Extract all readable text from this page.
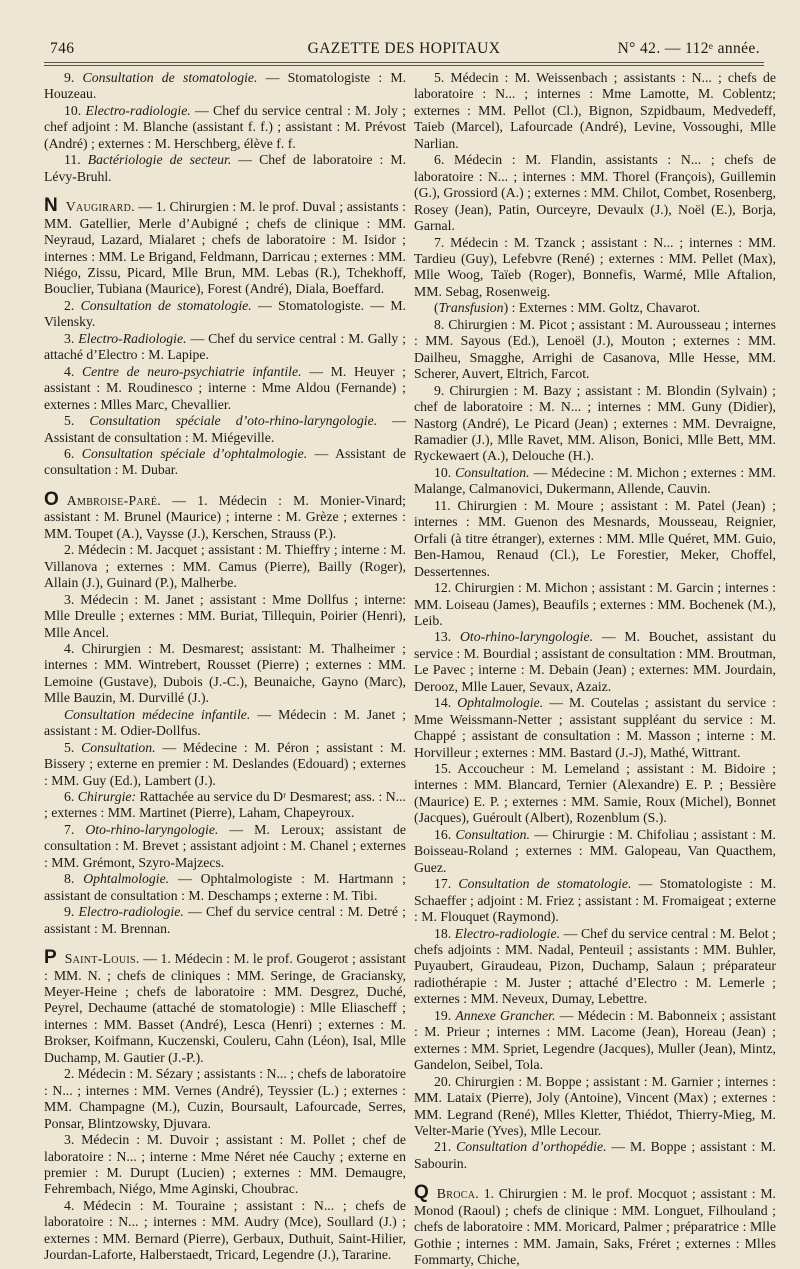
746	GAZETTE DES HOPITAUX	N° 42. — 112ᵉ année.

9. Consultation de stomatologie. — Stomatologiste : M. Houzeau.

10. Electro-radiologie. — Chef du service central : M. Joly ; chef adjoint : M. Blanche (assistant f. f.) ; assistant : M. Prévost (André) ; externes : M. Herschberg, élève f. f.

11. Bactériologie de secteur. — Chef de laboratoire : M. Lévy-Bruhl.

N Vaugirard. — 1. Chirurgien : M. le prof. Duval ; assistants : MM. Gatellier, Merle d’Aubigné ; chefs de clinique : MM. Neyraud, Lazard, Mialaret ; chefs de laboratoire : M. Isidor ; internes : MM. Le Brigand, Feldmann, Darricau ; externes : MM. Niégo, Zissu, Picard, Mlle Brun, MM. Lebas (R.), Tchekhoff, Bouclier, Tubiana (Maurice), Forest (André), Diala, Boeffard.

2. Consultation de stomatologie. — Stomatologiste. — M. Vilensky.

3. Electro-Radiologie. — Chef du service central : M. Gally ; attaché d’Electro : M. Lapipe.

4. Centre de neuro-psychiatrie infantile. — M. Heuyer ; assistant : M. Roudinesco ; interne : Mme Aldou (Fernande) ; externes : Mlles Marc, Chevallier.

5. Consultation spéciale d’oto-rhino-laryngologie. — Assistant de consultation : M. Miégeville.

6. Consultation spéciale d’ophtalmologie. — Assistant de consultation : M. Dubar.

O Ambroise-Paré. — 1. Médecin : M. Monier-Vinard; assistant : M. Brunel (Maurice) ; interne : M. Grèze ; externes : MM. Toupet (A.), Vaysse (J.), Kerschen, Strauss (P.).

2. Médecin : M. Jacquet ; assistant : M. Thieffry ; interne : M. Villanova ; externes : MM. Camus (Pierre), Bailly (Roger), Allain (J.), Guinard (P.), Malherbe.

3. Médecin : M. Janet ; assistant : Mme Dollfus ; interne: Mlle Dreulle ; externes : MM. Buriat, Tillequin, Poirier (Henri), Mlle Ancel.

4. Chirurgien : M. Desmarest; assistant: M. Thalheimer ; internes : MM. Wintrebert, Rousset (Pierre) ; externes : MM. Lemoine (Gustave), Dubois (J.-C.), Beunaiche, Gayno (Marc), Mlle Bauzin, M. Durvillé (J.).

Consultation médecine infantile. — Médecin : M. Janet ; assistant : M. Odier-Dollfus.

5. Consultation. — Médecine : M. Péron ; assistant : M. Bissery ; externe en premier : M. Deslandes (Edouard) ; externes : MM. Guy (Ed.), Lambert (J.).

6. Chirurgie: Rattachée au service du Dʳ Desmarest; ass. : N... ; externes : MM. Martinet (Pierre), Laham, Chapeyroux.

7. Oto-rhino-laryngologie. — M. Leroux; assistant de consultation : M. Brevet ; assistant adjoint : M. Chanel ; externes : MM. Grémont, Szyro-Majzecs.

8. Ophtalmologie. — Ophtalmologiste : M. Hartmann ; assistant de consultation : M. Deschamps ; externe : M. Tibi.

9. Electro-radiologie. — Chef du service central : M. Detré ; assistant : M. Brennan.

P Saint-Louis. — 1. Médecin : M. le prof. Gougerot ; assistant : MM. N. ; chefs de cliniques : MM. Seringe, de Graciansky, Meyer-Heine ; chefs de laboratoire : MM. Desgrez, Duché, Peyrel, Dechaume (attaché de stomatologie) : Mlle Eliascheff ; internes : MM. Basset (André), Lesca (Henri) ; externes : M. Brokser, Koifmann, Kuczenski, Couleru, Cahn (Léon), Isal, Mlle Duchamp, M. Gautier (J.-P.).

2. Médecin : M. Sézary ; assistants : N... ; chefs de laboratoire : N... ; internes : MM. Vernes (André), Teyssier (L.) ; externes : MM. Champagne (M.), Cuzin, Boursault, Lafourcade, Serres, Ponsar, Blintzowsky, Djuvara.

3. Médecin : M. Duvoir ; assistant : M. Pollet ; chef de laboratoire : N... ; interne : Mme Néret née Cauchy ; externe en premier : M. Durupt (Lucien) ; externes : MM. Demaugre, Fehrembach, Niégo, Mme Aginski, Choubrac.

4. Médecin : M. Touraine ; assistant : N... ; chefs de laboratoire : N... ; internes : MM. Audry (Mce), Soullard (J.) ; externes : MM. Bernard (Pierre), Gerbaux, Duthuit, Saint-Hilier, Jourdan-Laforte, Halberstaedt, Tricard, Legendre (J.), Tararine.

5. Médecin : M. Weissenbach ; assistants : N... ; chefs de laboratoire : N... ; internes : Mme Lamotte, M. Coblentz; externes : MM. Pellot (Cl.), Bignon, Szpidbaum, Medvedeff, Taieb (Marcel), Lafourcade (André), Levine, Vossoughi, Mlle Narlian.

6. Médecin : M. Flandin, assistants : N... ; chefs de laboratoire : N... ; internes : MM. Thorel (François), Guillemin (G.), Grossiord (A.) ; externes : MM. Chilot, Combet, Rosenberg, Rosey (Jean), Patin, Ourceyre, Devaulx (J.), Noël (E.), Borja, Garnal.

7. Médecin : M. Tzanck ; assistant : N... ; internes : MM. Tardieu (Guy), Lefebvre (René) ; externes : MM. Pellet (Max), Mlle Woog, Taïeb (Roger), Bonnefis, Warmé, Mlle Aftalion, MM. Sebag, Rosenweig.

(Transfusion) : Externes : MM. Goltz, Chavarot.

8. Chirurgien : M. Picot ; assistant : M. Aurousseau ; internes : MM. Sayous (Ed.), Lenoël (J.), Mouton ; externes : MM. Dailheu, Smagghe, Arrighi de Casanova, Mlle Hesse, MM. Scherer, Auvert, Eltrich, Farcot.

9. Chirurgien : M. Bazy ; assistant : M. Blondin (Sylvain) ; chef de laboratoire : M. N... ; internes : MM. Guny (Didier), Nastorg (André), Le Picard (Jean) ; externes : MM. Devraigne, Ramadier (J.), Mlle Ravet, MM. Alison, Bonici, Mlle Bett, MM. Ryckewaert (A.), Delouche (H.).

10. Consultation. — Médecine : M. Michon ; externes : MM. Malange, Calmanovici, Dukermann, Allende, Cauvin.

11. Chirurgien : M. Moure ; assistant : M. Patel (Jean) ; internes : MM. Guenon des Mesnards, Mousseau, Reignier, Orfali (à titre étranger), externes : MM. Mlle Quéret, MM. Guio, Ben-Hamou, Renaud (Cl.), Le Forestier, Meker, Choffel, Dessertennes.

12. Chirurgien : M. Michon ; assistant : M. Garcin ; internes : MM. Loiseau (James), Beaufils ; externes : MM. Bochenek (M.), Leib.

13. Oto-rhino-laryngologie. — M. Bouchet, assistant du service : M. Bourdial ; assistant de consultation : MM. Broutman, Le Pavec ; interne : M. Debain (Jean) ; externes: MM. Jourdain, Derooz, Mlle Lauer, Sevaux, Azaiz.

14. Ophtalmologie. — M. Coutelas ; assistant du service : Mme Weissmann-Netter ; assistant suppléant du service : M. Chappé ; assistant de consultation : M. Masson ; interne : M. Horvilleur ; externes : MM. Bastard (J.-J), Mathé, Wittrant.

15. Accoucheur : M. Lemeland ; assistant : M. Bidoire ; internes : MM. Blancard, Ternier (Alexandre) E. P. ; Bessière (Maurice) E. P. ; externes : MM. Samie, Roux (Michel), Bonnet (Jacques), Guéroult (Albert), Rozenblum (S.).

16. Consultation. — Chirurgie : M. Chifoliau ; assistant : M. Boisseau-Roland ; externes : MM. Galopeau, Van Quacthem, Guez.

17. Consultation de stomatologie. — Stomatologiste : M. Schaeffer ; adjoint : M. Friez ; assistant : M. Fromaigeat ; externe : M. Flouquet (Raymond).

18. Electro-radiologie. — Chef du service central : M. Belot ; chefs adjoints : MM. Nadal, Penteuil ; assistants : MM. Buhler, Puyaubert, Giraudeau, Pizon, Duchamp, Salaun ; préparateur radiothérapie : M. Juster ; attaché d’Electro : M. Lemerle ; externes : MM. Neveux, Dumay, Lebettre.

19. Annexe Grancher. — Médecin : M. Babonneix ; assistant : M. Prieur ; internes : MM. Lacome (Jean), Horeau (Jean) ; externes : MM. Spriet, Legendre (Jacques), Muller (Jean), Mintz, Gandelon, Seibel, Tola.

20. Chirurgien : M. Boppe ; assistant : M. Garnier ; internes : MM. Lataix (Pierre), Joly (Antoine), Vincent (Max) ; externes : MM. Legrand (René), Mlles Kletter, Thiédot, Thierry-Mieg, M. Velter-Marie (Yves), Mlle Lecour.

21. Consultation d’orthopédie. — M. Boppe ; assistant : M. Sabourin.

Q Broca. 1. Chirurgien : M. le prof. Mocquot ; assistant : M. Monod (Raoul) ; chefs de clinique : MM. Longuet, Filhouland ; chefs de laboratoire : MM. Moricard, Palmer ; préparatrice : Mlle Gothie ; internes : MM. Jamain, Saks, Fréret ; externes : Mlles Fommarty, Chiche,
